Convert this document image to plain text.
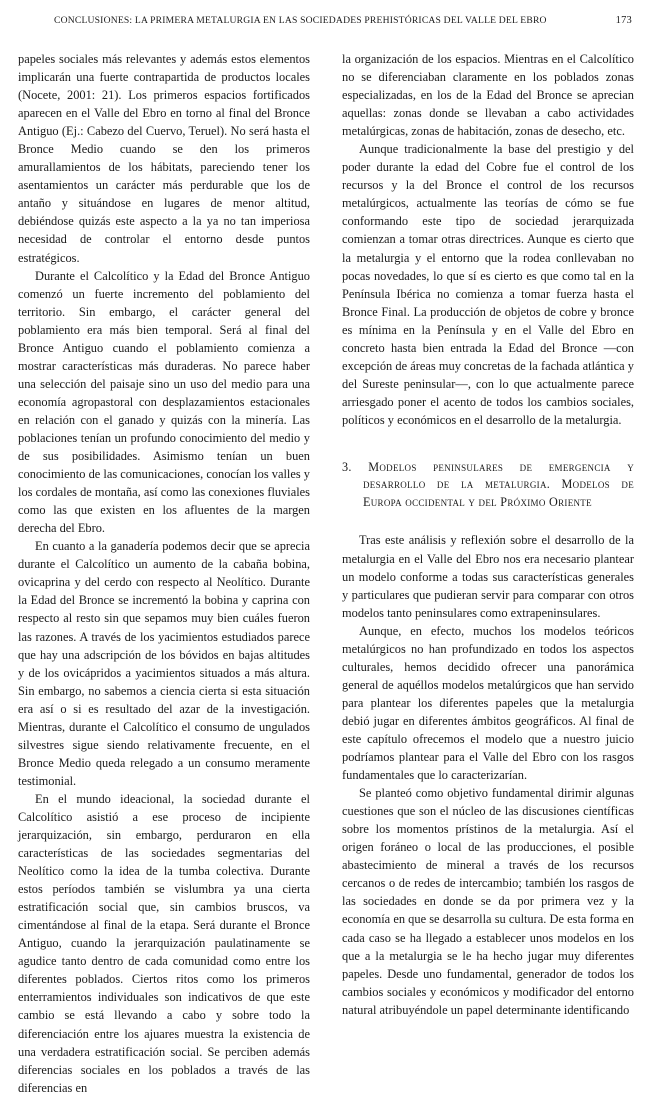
CONCLUSIONES: LA PRIMERA METALURGIA EN LAS SOCIEDADES PREHISTÓRICAS DEL VALLE DEL EBRO	173

papeles sociales más relevantes y además estos elementos implicarán una fuerte contrapartida de productos locales (Nocete, 2001: 21). Los primeros espacios fortificados aparecen en el Valle del Ebro en torno al final del Bronce Antiguo (Ej.: Cabezo del Cuervo, Teruel). No será hasta el Bronce Medio cuando se den los primeros amurallamientos de los hábitats, pareciendo tener los asentamientos un carácter más perdurable que los de antaño y situándose en lugares de menor altitud, debiéndose quizás este aspecto a la ya no tan imperiosa necesidad de controlar el entorno desde puntos estratégicos.

Durante el Calcolítico y la Edad del Bronce Antiguo comenzó un fuerte incremento del poblamiento del territorio. Sin embargo, el carácter general del poblamiento era más bien temporal. Será al final del Bronce Antiguo cuando el poblamiento comienza a mostrar características más duraderas. No parece haber una selección del paisaje sino un uso del medio para una economía agropastoral con desplazamientos estacionales en relación con el ganado y quizás con la minería. Las poblaciones tenían un profundo conocimiento del medio y de sus posibilidades. Asimismo tenían un buen conocimiento de las comunicaciones, conocían los valles y los cordales de montaña, así como las conexiones fluviales como las que existen en los afluentes de la margen derecha del Ebro.

En cuanto a la ganadería podemos decir que se aprecia durante el Calcolítico un aumento de la cabaña bobina, ovicaprina y del cerdo con respecto al Neolítico. Durante la Edad del Bronce se incrementó la bobina y caprina con respecto al resto sin que sepamos muy bien cuáles fueron las razones. A través de los yacimientos estudiados parece que hay una adscripción de los bóvidos en bajas altitudes y de los ovicápridos a yacimientos situados a más altura. Sin embargo, no sabemos a ciencia cierta si esta situación era así o si es resultado del azar de la investigación. Mientras, durante el Calcolítico el consumo de ungulados silvestres sigue siendo relativamente frecuente, en el Bronce Medio queda relegado a un consumo meramente testimonial.

En el mundo ideacional, la sociedad durante el Calcolítico asistió a ese proceso de incipiente jerarquización, sin embargo, perduraron en ella características de las sociedades segmentarias del Neolítico como la idea de la tumba colectiva. Durante estos períodos también se vislumbra ya una cierta estratificación social que, sin cambios bruscos, va cimentándose al final de la etapa. Será durante el Bronce Antiguo, cuando la jerarquización paulatinamente se agudice tanto dentro de cada comunidad como entre los diferentes poblados. Ciertos ritos como los primeros enterramientos individuales son indicativos de que este cambio se está llevando a cabo y sobre todo la diferenciación entre los ajuares muestra la existencia de una verdadera estratificación social. Se perciben además diferencias sociales en los poblados a través de las diferencias en

la organización de los espacios. Mientras en el Calcolítico no se diferenciaban claramente en los poblados zonas especializadas, en los de la Edad del Bronce se aprecian aquellas: zonas donde se llevaban a cabo actividades metalúrgicas, zonas de habitación, zonas de desecho, etc.

Aunque tradicionalmente la base del prestigio y del poder durante la edad del Cobre fue el control de los recursos y la del Bronce el control de los recursos metalúrgicos, actualmente las teorías de cómo se fue conformando este tipo de sociedad jerarquizada comienzan a tomar otras directrices. Aunque es cierto que la metalurgia y el entorno que la rodea conllevaban no pocas novedades, lo que sí es cierto es que como tal en la Península Ibérica no comienza a tomar fuerza hasta el Bronce Final. La producción de objetos de cobre y bronce es mínima en la Península y en el Valle del Ebro en concreto hasta bien entrada la Edad del Bronce —con excepción de áreas muy concretas de la fachada atlántica y del Sureste peninsular—, con lo que actualmente parece arriesgado poner el acento de todos los cambios sociales, políticos y económicos en el desarrollo de la metalurgia.

3. Modelos peninsulares de emergencia y desarrollo de la metalurgia. Modelos de Europa occidental y del Próximo Oriente

Tras este análisis y reflexión sobre el desarrollo de la metalurgia en el Valle del Ebro nos era necesario plantear un modelo conforme a todas sus características generales y particulares que pudieran servir para comparar con otros modelos tanto peninsulares como extrapeninsulares.

Aunque, en efecto, muchos los modelos teóricos metalúrgicos no han profundizado en todos los aspectos culturales, hemos decidido ofrecer una panorámica general de aquéllos modelos metalúrgicos que han servido para plantear los diferentes papeles que la metalurgia debió jugar en diferentes ámbitos geográficos. Al final de este capítulo ofrecemos el modelo que a nuestro juicio podríamos plantear para el Valle del Ebro con los rasgos fundamentales que lo caracterizarían.

Se planteó como objetivo fundamental dirimir algunas cuestiones que son el núcleo de las discusiones científicas sobre los momentos prístinos de la metalurgia. Así el origen foráneo o local de las producciones, el posible abastecimiento de mineral a través de los recursos cercanos o de redes de intercambio; también los rasgos de las sociedades en donde se da por primera vez y la economía en que se desarrolla su cultura. De esta forma en cada caso se ha llegado a establecer unos modelos en los que a la metalurgia se le ha hecho jugar muy diferentes papeles. Desde uno fundamental, generador de todos los cambios sociales y económicos y modificador del entorno natural atribuyéndole un papel determinante identificando
